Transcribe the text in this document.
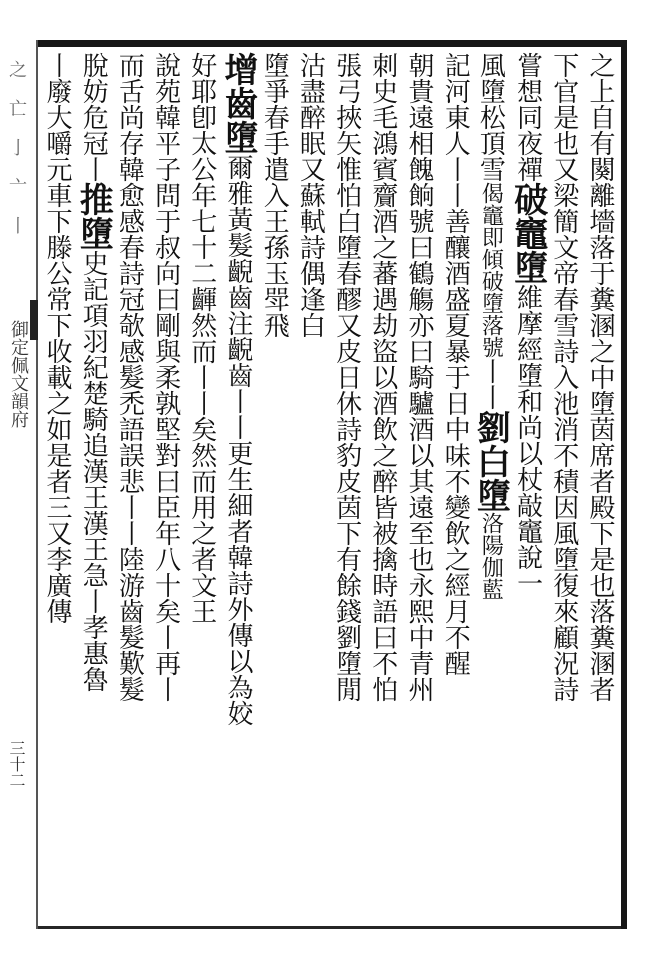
之 亡 亅 亠 丨
御定佩文韻府
三十二
之上自有闋離墻落于糞溷之中墮茵席者殿下是也落糞溷者
下官是也又梁簡文帝春雪詩入池消不積因風墮復來顧況詩
嘗想同夜禪破竈墮維摩經墮和尚以杖敲竈說一
風墮松頂雪偈竈即傾破墮落號丨丨劉白墮洛陽伽藍
記河東人丨丨善釀酒盛夏暴于日中味不變飲之經月不醒
朝貴遠相餽餉號曰鶴觴亦曰騎驢酒以其遠至也永熙中青州
刺史毛鴻賓齎酒之蕃遇劫盜以酒飲之醉皆被擒時語曰不怕
張弓挾矢惟怕白墮春醪又皮日休詩豹皮茵下有餘錢劉墮閒
沽盡醉眠又蘇軾詩偶逢白
墮爭春手遣入王孫玉斝飛
增齒墮爾雅黃髮齯齒注齯齒丨丨更生細者韓詩外傳以為姣
好耶卽太公年七十二齳然而丨丨矣然而用之者文王
說苑韓平子問于叔向曰剛與柔孰堅對曰臣年八十矣丨再丨
而舌尚存韓愈感春詩冠欹感髮禿語誤悲丨丨陸游齒髮歎髮
脫妨危冠丨推墮史記項羽紀楚騎追漢王漢王急丨孝惠魯
丨廢大嚼元車下滕公常下收載之如是者三又李廣傳
